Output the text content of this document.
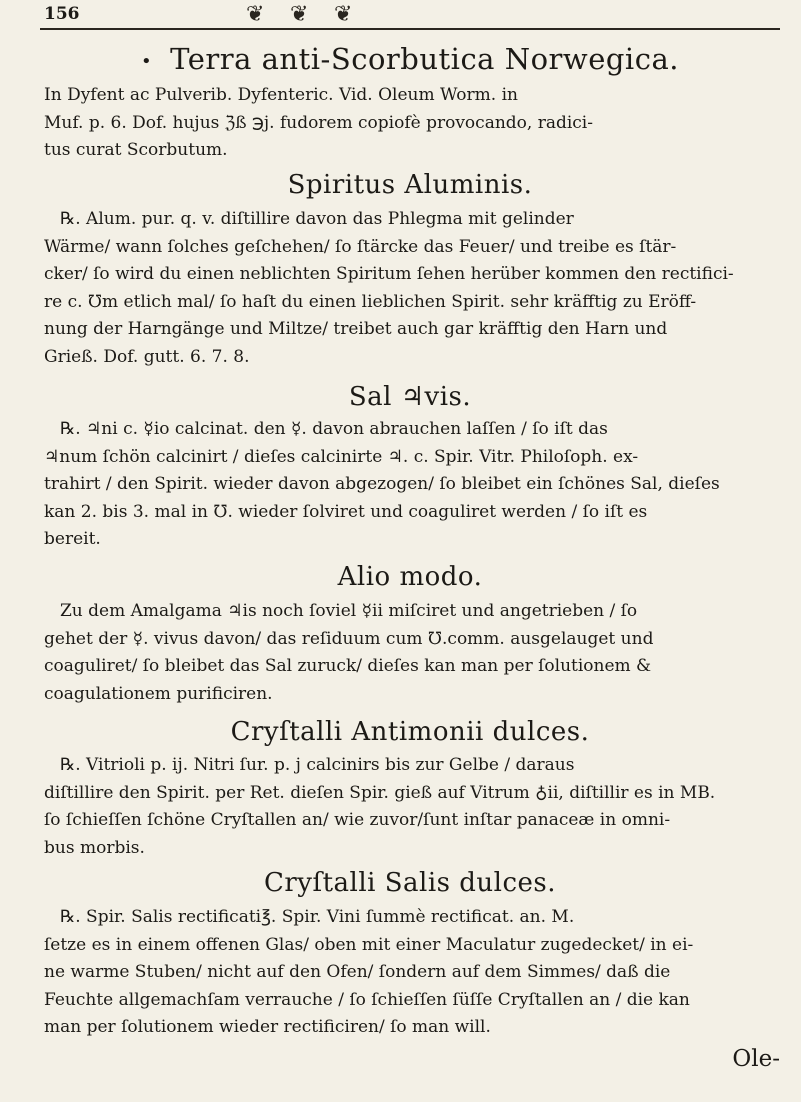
156	❦ ❦ ❦
• Terra anti-Scorbutica Norwegica.

In Dyfent ac Pulverib. Dyfenteric. Vid. Oleum Worm. in

Muf. p. 6. Dof. hujus ℨß ℈j. fudorem copiofè provocando, radici-

tus curat Scorbutum.

Spiritus Aluminis.

℞. Alum. pur. q. v. diſtillire davon das Phlegma mit gelinder

Wärme/ wann ſolches geſchehen/ ſo ſtärcke das Feuer/ und treibe es ſtär-

cker/ ſo wird du einen neblichten Spiritum ſehen herüber kommen den rectifici-

re c. ℧m etlich mal/ ſo haſt du einen lieblichen Spirit. sehr kräfftig zu Eröff-

nung der Harngänge und Miltze/ treibet auch gar kräfftig den Harn und

Grieß. Dof. gutt. 6. 7. 8.

Sal ♃vis.

℞. ♃ni c. ☿io calcinat. den ☿. davon abrauchen laſſen / ſo iſt das

♃num ſchön calcinirt / dieſes calcinirte ♃. c. Spir. Vitr. Philoſoph. ex-

trahirt / den Spirit. wieder davon abgezogen/ ſo bleibet ein ſchönes Sal, dieſes

kan 2. bis 3. mal in ℧. wieder ſolviret und coaguliret werden / ſo iſt es

bereit.

Alio modo.

Zu dem Amalgama ♃is noch ſoviel ☿ii miſciret und angetrieben / ſo

gehet der ☿. vivus davon/ das reſiduum cum ℧.comm. ausgelauget und

coaguliret/ ſo bleibet das Sal zuruck/ dieſes kan man per ſolutionem &

coagulationem purificiren.

Cryſtalli Antimonii dulces.

℞. Vitrioli p. ij. Nitri ſur. p. j calcinirs bis zur Gelbe / daraus

diſtillire den Spirit. per Ret. dieſen Spir. gieß auf Vitrum ♁ii, diſtillir es in MB.

ſo ſchieſſen ſchöne Cryſtallen an/ wie zuvor/ſunt inſtar panaceæ in omni-

bus morbis.

Cryſtalli Salis dulces.

℞. Spir. Salis rectificati℥. Spir. Vini ſummè rectificat. an. M.

ſetze es in einem offenen Glas/ oben mit einer Maculatur zugedecket/ in ei-

ne warme Stuben/ nicht auf den Ofen/ ſondern auf dem Simmes/ daß die

Feuchte allgemachſam verrauche / ſo ſchieſſen ſüſſe Cryſtallen an / die kan

man per ſolutionem wieder rectificiren/ ſo man will.

Ole-
